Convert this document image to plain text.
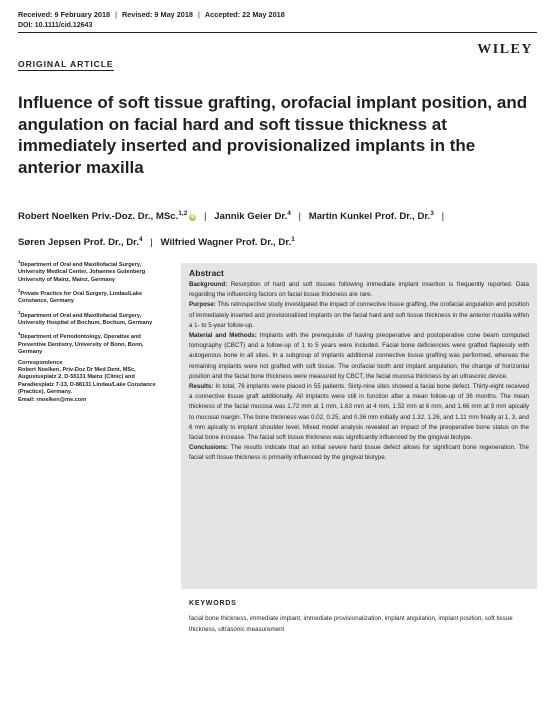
Received: 9 February 2018 | Revised: 9 May 2018 | Accepted: 22 May 2018
DOI: 10.1111/cid.12643
WILEY
ORIGINAL ARTICLE
Influence of soft tissue grafting, orofacial implant position, and angulation on facial hard and soft tissue thickness at immediately inserted and provisionalized implants in the anterior maxilla
Robert Noelken Priv.-Doz. Dr., MSc.$^{1,2}$iD | Jannik Geier Dr.$^4$ | Martin Kunkel Prof. Dr., Dr.$^3$ |
Søren Jepsen Prof. Dr., Dr.$^4$ | Wilfried Wagner Prof. Dr., Dr.$^1$

$^1$Department of Oral and Maxillofacial Surgery, University Medical Center, Johannes Gutenberg University of Mainz, Mainz, Germany

$^2$Private Practice for Oral Surgery, Lindau/Lake Constance, Germany

$^3$Department of Oral and Maxillofacial Surgery, University Hospital of Bochum, Bochum, Germany

$^4$Department of Periodontology, Operative and Preventive Dentistry, University of Bonn, Bonn, Germany

Correspondence

Robert Noelken, Priv-Doz Dr Med Dent, MSc, Augustusplatz 2, D-55131 Mainz (Clinic) and Paradiesplatz 7-13, D-88131 Lindau/Lake Constance (Practice), Germany.

Email: rnoelken@me.com

Abstract

Background: Resorption of hard and soft tissues following immediate implant insertion is frequently reported. Data regarding the influencing factors on facial tissue thickness are rare.

Purpose: This retrospective study investigated the impact of connective tissue grafting, the orofacial angulation and position of immediately inserted and provisionalized implants on the facial hard and soft tissue thickness in the anterior maxilla within a 1- to 5-year follow-up.

Material and Methods: Implants with the prerequisite of having preoperative and postoperative cone beam computed tomography (CBCT) and a follow-up of 1 to 5 years were included. Facial bone deficiencies were grafted flaplessly with autogenous bone in all sites. In a subgroup of implants additional connective tissue grafting was performed, whereas the remaining implants were not grafted with soft tissue. The orofacial tooth and implant angulation, the change of horizontal position and the facial bone thickness were measured by CBCT, the facial mucosa thickness by an ultrasonic device.

Results: In total, 76 implants were placed in 55 patients. Sixty-nine sites showed a facial bone defect. Thirty-eight received a connective tissue graft additionally. All implants were still in function after a mean follow-up of 36 months. The mean thickness of the facial mucosa was 1.72 mm at 1 mm, 1.63 mm at 4 mm, 1.52 mm at 6 mm, and 1.66 mm at 9 mm apically to mucosal margin. The bone thickness was 0.02, 0.25, and 0.36 mm initially and 1.32, 1.26, and 1.11 mm finally at 1, 3, and 6 mm apically to implant shoulder level. Mixed model analysis revealed an impact of the preoperative bone status on the facial bone increase. The facial soft tissue thickness was significantly influenced by the gingival biotype.

Conclusions: The results indicate that an initial severe hard tissue defect allows for significant bone regeneration. The facial soft tissue thickness is primarily influenced by the gingival biotype.

KEYWORDS

facial bone thickness, immediate implant, immediate provisionalization, implant angulation, implant position, soft tissue thickness, ultrasonic measurement
